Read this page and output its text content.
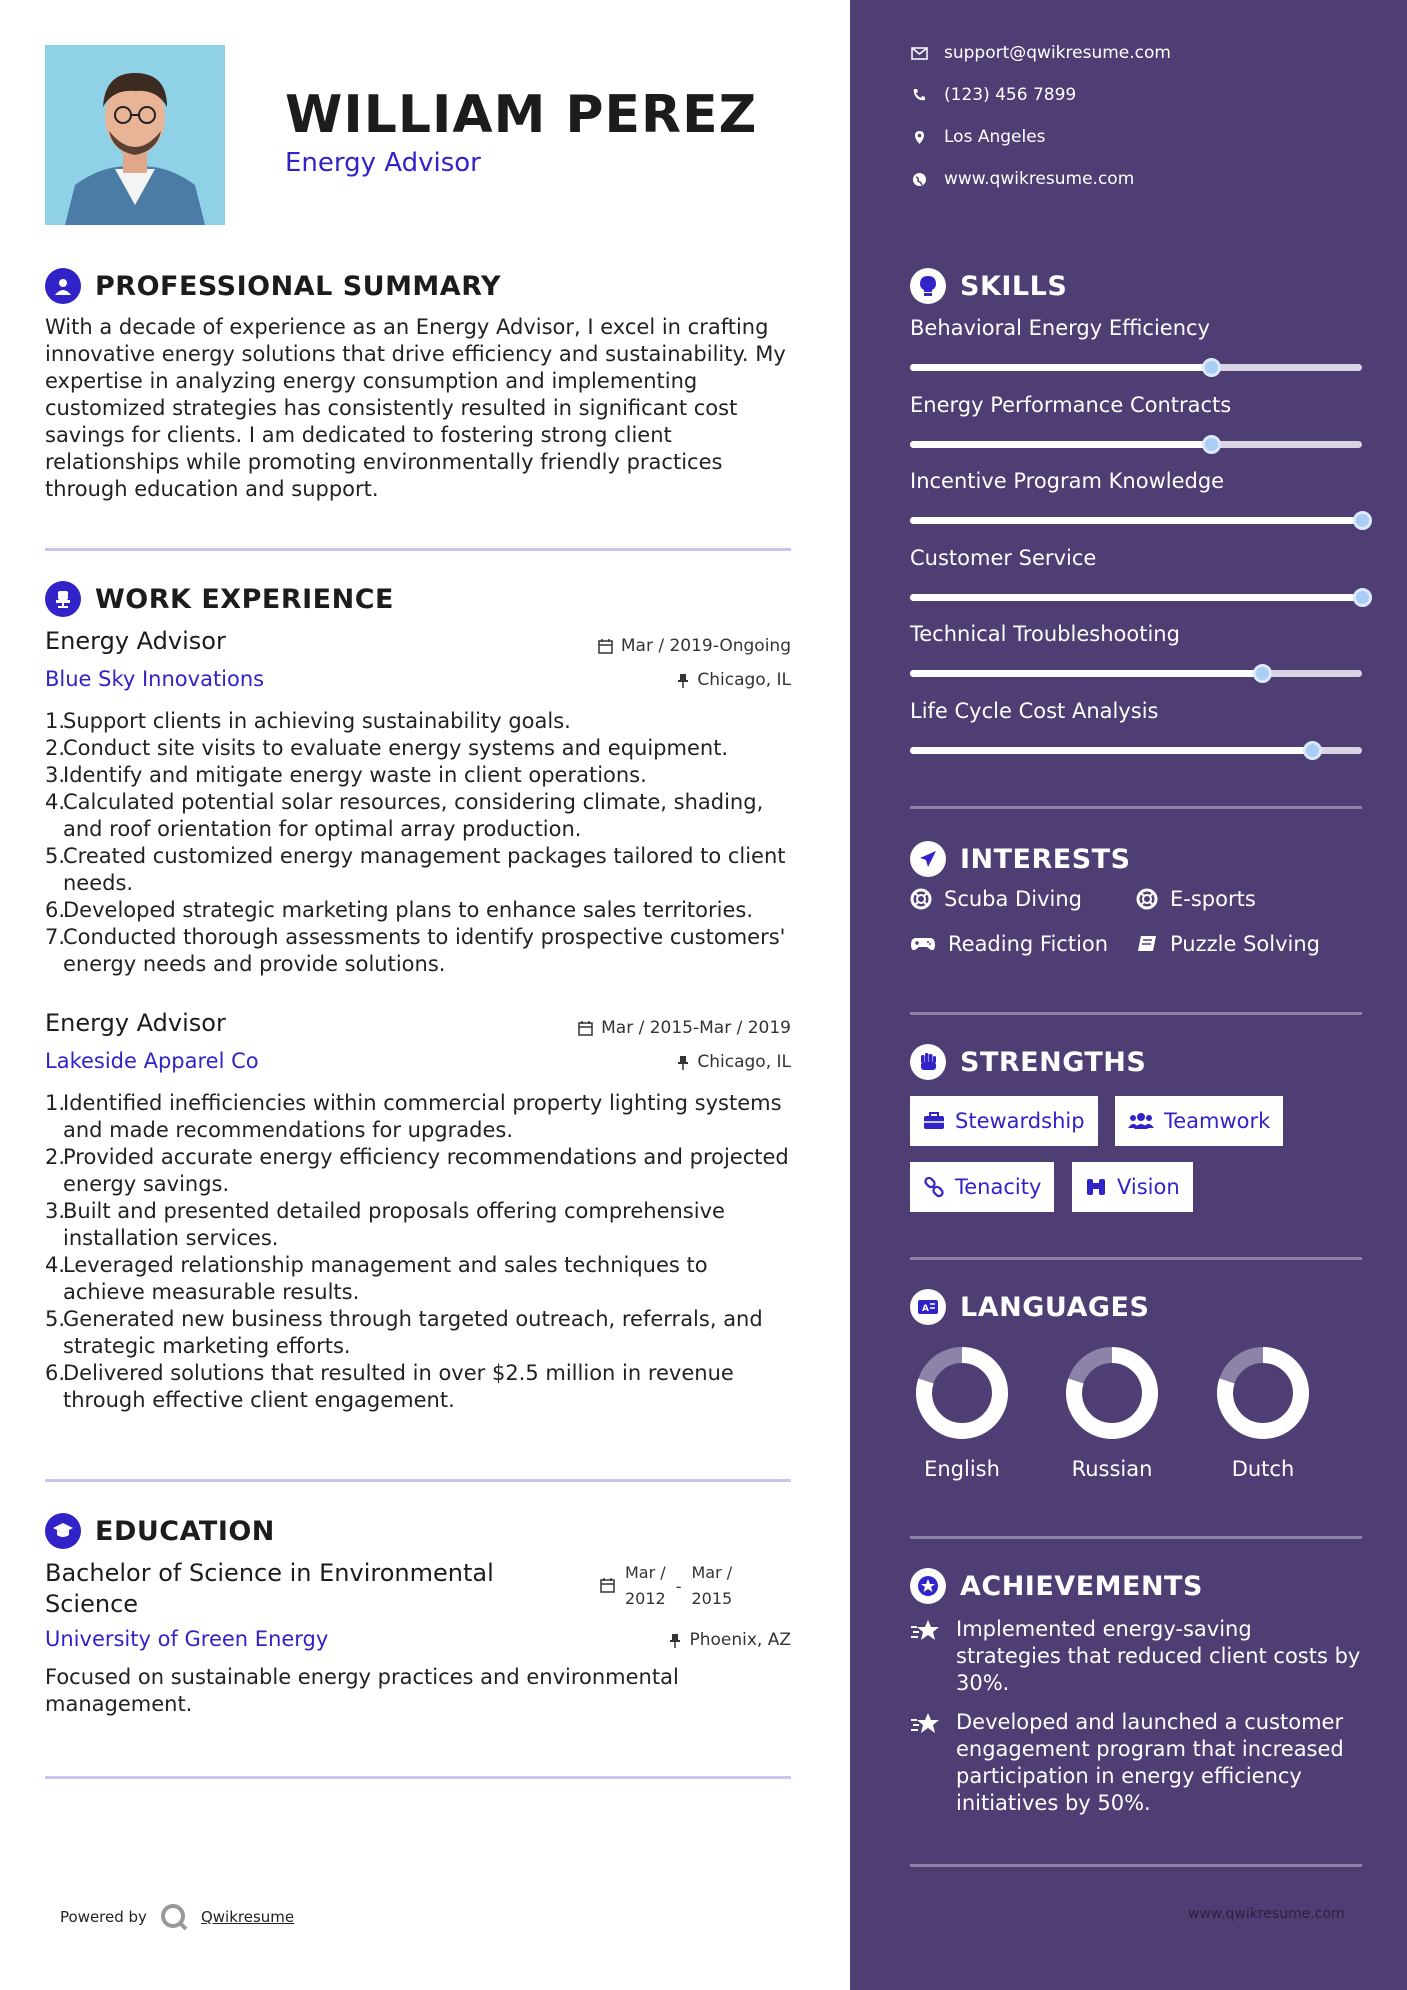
WILLIAM PEREZ
Energy Advisor
PROFESSIONAL SUMMARY
With a decade of experience as an Energy Advisor, I excel in crafting innovative energy solutions that drive efficiency and sustainability. My expertise in analyzing energy consumption and implementing customized strategies has consistently resulted in significant cost savings for clients. I am dedicated to fostering strong client relationships while promoting environmentally friendly practices through education and support.
WORK EXPERIENCE
Energy Advisor
Blue Sky Innovations
Mar / 2019-Ongoing
Chicago, IL
1.
Support clients in achieving sustainability goals.
2.
Conduct site visits to evaluate energy systems and equipment.
3.
Identify and mitigate energy waste in client operations.
4.
Calculated potential solar resources, considering climate, shading, and roof orientation for optimal array production.
5.
Created customized energy management packages tailored to client needs.
6.
Developed strategic marketing plans to enhance sales territories.
7.
Conducted thorough assessments to identify prospective customers' energy needs and provide solutions.
Energy Advisor
Lakeside Apparel Co
Mar / 2015-Mar / 2019
Chicago, IL
1.
Identified inefficiencies within commercial property lighting systems and made recommendations for upgrades.
2.
Provided accurate energy efficiency recommendations and projected energy savings.
3.
Built and presented detailed proposals offering comprehensive installation services.
4.
Leveraged relationship management and sales techniques to achieve measurable results.
5.
Generated new business through targeted outreach, referrals, and strategic marketing efforts.
6.
Delivered solutions that resulted in over $2.5 million in revenue through effective client engagement.
EDUCATION
Bachelor of Science in Environmental Science
Mar /
2012
-
Mar /
2015
University of Green Energy	Phoenix, AZ
Focused on sustainable energy practices and environmental management.
Powered by	Qwikresume
support@qwikresume.com
(123) 456 7899
Los Angeles
www.qwikresume.com
SKILLS
Behavioral Energy Efficiency
Energy Performance Contracts
Incentive Program Knowledge
Customer Service
Technical Troubleshooting
Life Cycle Cost Analysis
INTERESTS
Scuba Diving	E-sports
Reading Fiction	Puzzle Solving
STRENGTHS
Stewardship	Teamwork
Tenacity	Vision
A LANGUAGES
English	Russian	Dutch
ACHIEVEMENTS
Implemented energy-saving strategies that reduced client costs by 30%.
Developed and launched a customer engagement program that increased participation in energy efficiency initiatives by 50%.
www.qwikresume.com
